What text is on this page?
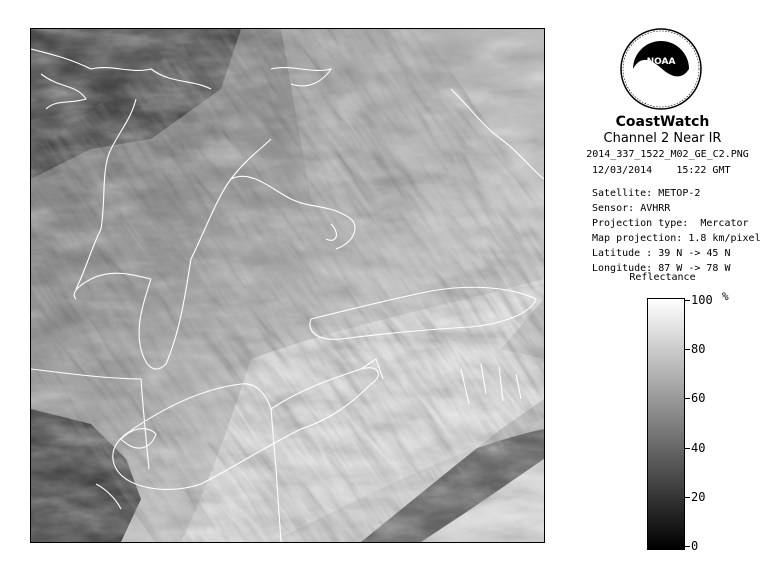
NOAA
CoastWatch
Channel 2 Near IR
2014_337_1522_M02_GE_C2.PNG
12/03/2014 15:22 GMT
Satellite: METOP-2
Sensor: AVHRR
Projection type: Mercator
Map projection: 1.8 km/pixel
Latitude : 39 N -> 45 N
Longitude: 87 W -> 78 W
Reflectance
%
100
80
60
40
20
0
